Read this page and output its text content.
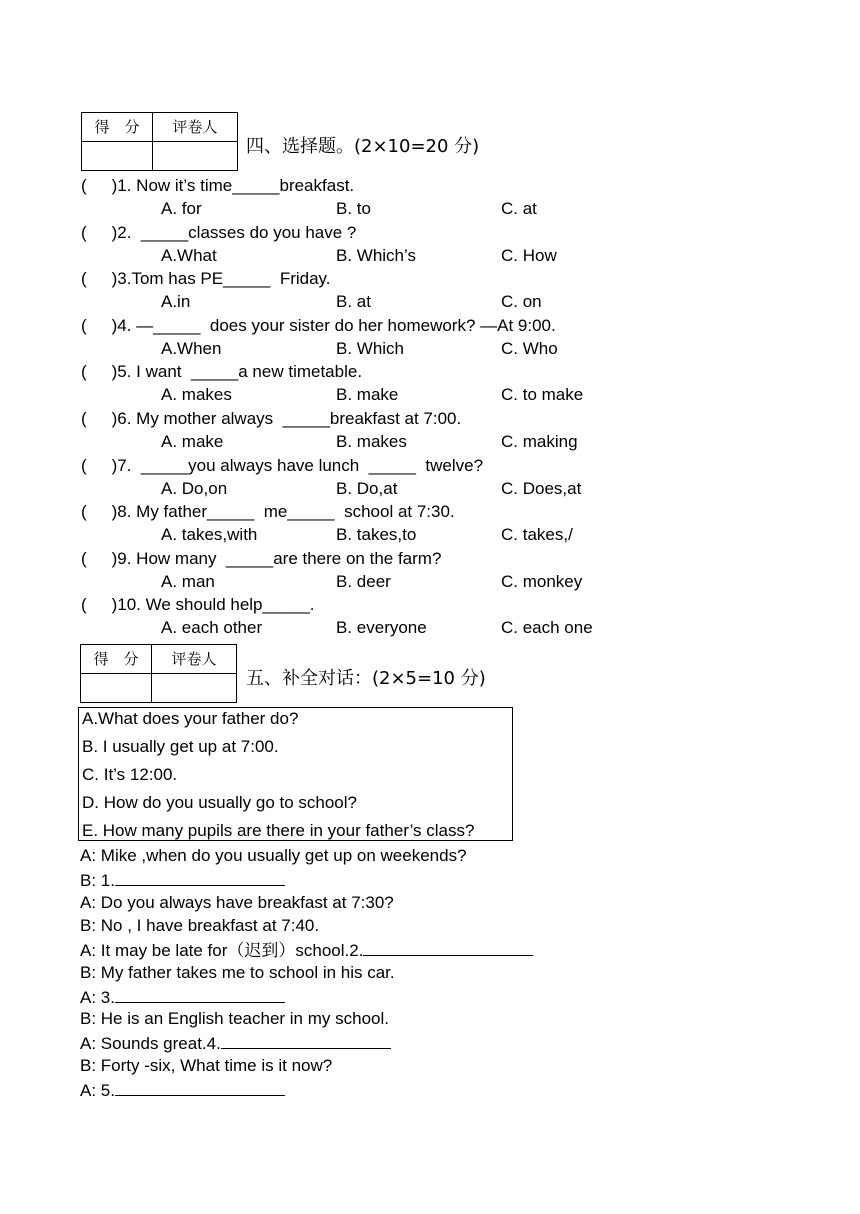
得　分	评卷人

四、选择题。(2×10=20 分)
( )1. Now it’s time_____breakfast.
A. for	B. to	C. at
( )2.  _____classes do you have ?
A.What	B. Which’s	C. How
( )3.Tom has PE_____  Friday.
A.in	B. at	C. on
( )4. —_____  does your sister do her homework? —At 9:00.
A.When	B. Which	C. Who
( )5. I want  _____a new timetable.
A. makes	B. make	C. to make
( )6. My mother always  _____breakfast at 7:00.
A. make	B. makes	C. making
( )7.  _____you always have lunch  _____  twelve?
A. Do,on	B. Do,at	C. Does,at
( )8. My father_____  me_____  school at 7:30.
A. takes,with	B. takes,to	C. takes,/
( )9. How many  _____are there on the farm?
A. man	B. deer	C. monkey
( )10. We should help_____.
A. each other	B. everyone	C. each one
得　分	评卷人

五、补全对话：(2×5=10 分)
A.What does your father do?
B. I usually get up at 7:00.
C. It’s 12:00.
D. How do you usually go to school?
E. How many pupils are there in your father’s class?
A: Mike ,when do you usually get up on weekends?
B: 1.
A: Do you always have breakfast at 7:30?
B: No , I have breakfast at 7:40.
A: It may be late for（迟到）school.2.
B: My father takes me to school in his car.
A: 3.
B: He is an English teacher in my school.
A: Sounds great.4.
B: Forty -six, What time is it now?
A: 5.
